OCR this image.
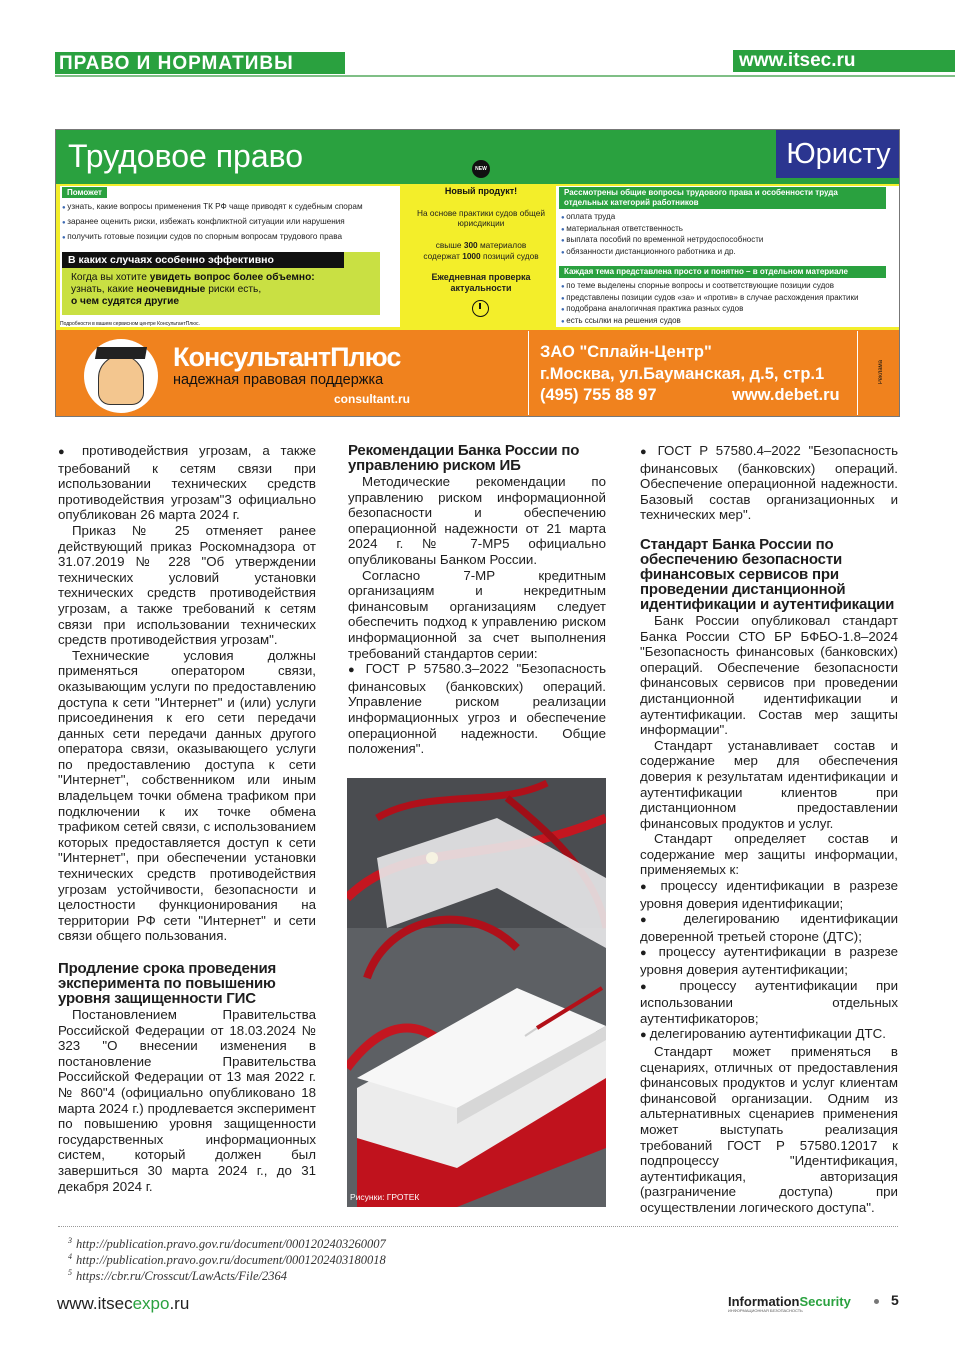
ПРАВО И НОРМАТИВЫ	www.itsec.ru
Трудовое право	Юристу
Поможет
● узнать, какие вопросы применения ТК РФ чаще приводят к судебным спорам
● заранее оценить риски, избежать конфликтной ситуации или нарушения
● получить готовые позиции судов по спорным вопросам трудового права
В каких случаях особенно эффективно
Когда вы хотите увидеть вопрос более объемно:
узнать, какие неочевидные риски есть,
о чем судятся другие
Подробности в вашем сервисном центре КонсультантПлюс.
NEW
Новый продукт!
На основе практики судов общей юрисдикции
свыше 300 материалов
содержат 1000 позиций судов
Ежедневная проверка актуальности
Рассмотрены общие вопросы трудового права и особенности труда отдельных категорий работников
● оплата труда
● материальная ответственность
● выплата пособий по временной нетрудоспособности
● обязанности дистанционного работника и др.
Каждая тема представлена просто и понятно – в отдельном материале
● по теме выделены спорные вопросы и соответствующие позиции судов
● представлены позиции судов «за» и «против» в случае расхождения практики
● подобрана аналогичная практика разных судов
● есть ссылки на решения судов
КонсультантПлюс
надежная правовая поддержка
consultant.ru
ЗАО "Сплайн-Центр"
г.Москва, ул.Бауманская, д.5, стр.1
(495) 755 88 97	www.debet.ru
Реклама

● противодействия угрозам, а также требований к сетям связи при использовании технических средств противодействия угрозам"3 официально опубликован 26 марта 2024 г.

Приказ № 25 отменяет ранее действующий приказ Роскомнадзора от 31.07.2019 № 228 "Об утверждении технических условий установки технических средств противодействия угрозам, а также требований к сетям связи при использовании технических средств противодействия угрозам".

Технические условия должны применяться оператором связи, оказывающим услуги по предоставлению доступа к сети "Интернет" и (или) услуги присоединения к его сети передачи данных сети передачи данных другого оператора связи, оказывающего услуги по предоставлению доступа к сети "Интернет", собственником или иным владельцем точки обмена трафиком при подключении к их точке обмена трафиком сетей связи, с использованием которых предоставляется доступ к сети "Интернет", при обеспечении установки технических средств противодействия угрозам устойчивости, безопасности и целостности функционирования на территории РФ сети "Интернет" и сети связи общего пользования.

Продление срока проведения эксперимента по повышению уровня защищенности ГИС

Постановлением Правительства Российской Федерации от 18.03.2024 № 323 "О внесении изменения в постановление Правительства Российской Федерации от 13 мая 2022 г. № 860"4 (официально опубликовано 18 марта 2024 г.) продлевается эксперимент по повышению уровня защищенности государственных информационных систем, который должен был завершиться 30 марта 2024 г., до 31 декабря 2024 г.

Рекомендации Банка России по управлению риском ИБ

Методические рекомендации по управлению риском информационной безопасности и обеспечению операционной надежности от 21 марта 2024 г. № 7-МР5 официально опубликованы Банком России.

Согласно 7-МР кредитным организациям и некредитным финансовым организациям следует обеспечить подход к управлению риском информационной за счет выполнения требований стандартов серии:

● ГОСТ Р 57580.3–2022 "Безопасность финансовых (банковских) операций. Управление риском реализации информационных угроз и обеспечение операционной надежности. Общие положения".

Рисунки: ГРОТЕК

● ГОСТ Р 57580.4–2022 "Безопасность финансовых (банковских) операций. Обеспечение операционной надежности. Базовый состав организационных и технических мер".

Стандарт Банка России по обеспечению безопасности финансовых сервисов при проведении дистанционной идентификации и аутентификации

Банк России опубликовал стандарт Банка России СТО БР БФБО-1.8–2024 "Безопасность финансовых (банковских) операций. Обеспечение безопасности финансовых сервисов при проведении дистанционной идентификации и аутентификации. Состав мер защиты информации".

Стандарт устанавливает состав и содержание мер для обеспечения доверия к результатам идентификации и аутентификации клиентов при дистанционном предоставлении финансовых продуктов и услуг.

Стандарт определяет состав и содержание мер защиты информации, применяемых к:

● процессу идентификации в разрезе уровня доверия идентификации;

● делегированию идентификации доверенной третьей стороне (ДТС);

● процессу аутентификации в разрезе уровня доверия аутентификации;

● процессу аутентификации при использовании отдельных аутентификаторов;

● делегированию аутентификации ДТС.

Стандарт может применяться в сценариях, отличных от предоставления финансовых продуктов и услуг клиентам финансовой организации. Одним из альтернативных сценариев применения может выступать реализация требований ГОСТ Р 57580.12017 к подпроцессу "Идентификация, аутентификация, авторизация (разграничение доступа) при осуществлении логического доступа".

$^3$ http://publication.pravo.gov.ru/document/0001202403260007
$^4$ http://publication.pravo.gov.ru/document/0001202403180018
$^5$ https://cbr.ru/Crosscut/LawActs/File/2364
www.itsecexpo.ru	InformationSecurity
ИНФОРМАЦИОННАЯ БЕЗОПАСНОСТЬ
5
